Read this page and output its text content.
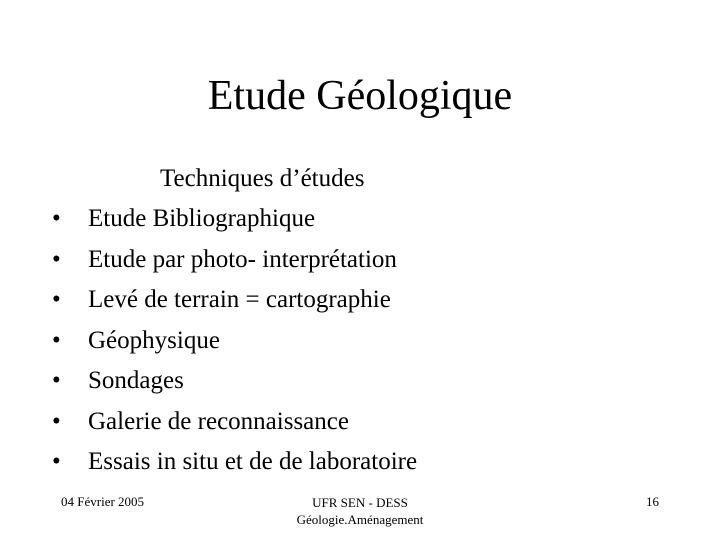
Etude Géologique
Techniques d’études
•	Etude Bibliographique
•	Etude par photo- interprétation
•	Levé de terrain = cartographie
•	Géophysique
•	Sondages
•	Galerie de reconnaissance
•	Essais in situ et de de laboratoire
04 Février 2005	UFR SEN - DESS
Géologie.Aménagement
16
